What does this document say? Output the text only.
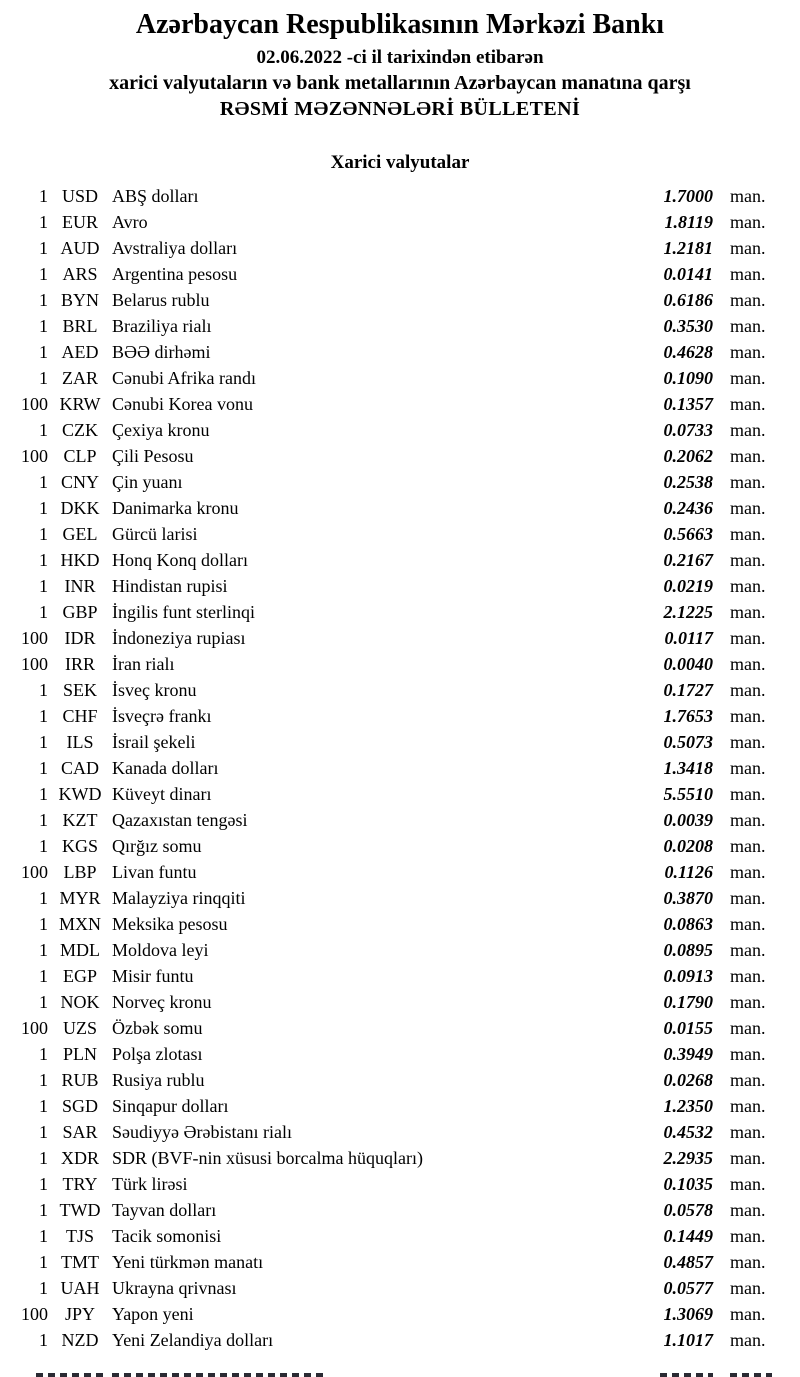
Azərbaycan Respublikasının Mərkəzi Bankı
02.06.2022 -ci il tarixindən etibarən
xarici valyutaların və bank metallarının Azərbaycan manatına qarşı
RƏSMİ MƏZƏNNƏLƏRİ BÜLLETENİ
Xarici valyutalar
1 USD ABŞ dolları	1.7000 man.
1 EUR Avro	1.8119 man.
1 AUD Avstraliya dolları	1.2181 man.
1 ARS Argentina pesosu	0.0141 man.
1 BYN Belarus rublu	0.6186 man.
1 BRL Braziliya rialı	0.3530 man.
1 AED BƏƏ dirhəmi	0.4628 man.
1 ZAR Cənubi Afrika randı	0.1090 man.
100 KRW Cənubi Korea vonu	0.1357 man.
1 CZK Çexiya kronu	0.0733 man.
100 CLP Çili Pesosu	0.2062 man.
1 CNY Çin yuanı	0.2538 man.
1 DKK Danimarka kronu	0.2436 man.
1 GEL Gürcü larisi	0.5663 man.
1 HKD Honq Konq dolları	0.2167 man.
1 INR Hindistan rupisi	0.0219 man.
1 GBP İngilis funt sterlinqi	2.1225 man.
100 IDR İndoneziya rupiası	0.0117 man.
100 IRR İran rialı	0.0040 man.
1 SEK İsveç kronu	0.1727 man.
1 CHF İsveçrə frankı	1.7653 man.
1	ILS	İsrail şekeli	0.5073 man.
1 CAD Kanada dolları	1.3418 man.
1 KWD Küveyt dinarı	5.5510 man.
1 KZT Qazaxıstan tengəsi	0.0039 man.
1 KGS Qırğız somu	0.0208 man.
100 LBP Livan funtu	0.1126 man.
1 MYR Malayziya rinqqiti	0.3870 man.
1 MXN Meksika pesosu	0.0863 man.
1 MDL Moldova leyi	0.0895 man.
1 EGP Misir funtu	0.0913 man.
1 NOK Norveç kronu	0.1790 man.
100 UZS Özbək somu	0.0155 man.
1 PLN Polşa zlotası	0.3949 man.
1 RUB Rusiya rublu	0.0268 man.
1 SGD Sinqapur dolları	1.2350 man.
1 SAR Səudiyyə Ərəbistanı rialı	0.4532 man.
1 XDR SDR (BVF-nin xüsusi borcalma hüquqları)	2.2935 man.
1 TRY Türk lirəsi	0.1035 man.
1 TWD Tayvan dolları	0.0578 man.
1 TJS	Tacik somonisi	0.1449 man.
1 TMT Yeni türkmən manatı	0.4857 man.
1 UAH Ukrayna qrivnası	0.0577 man.
100 JPY Yapon yeni	1.3069 man.
1 NZD Yeni Zelandiya dolları	1.1017 man.
